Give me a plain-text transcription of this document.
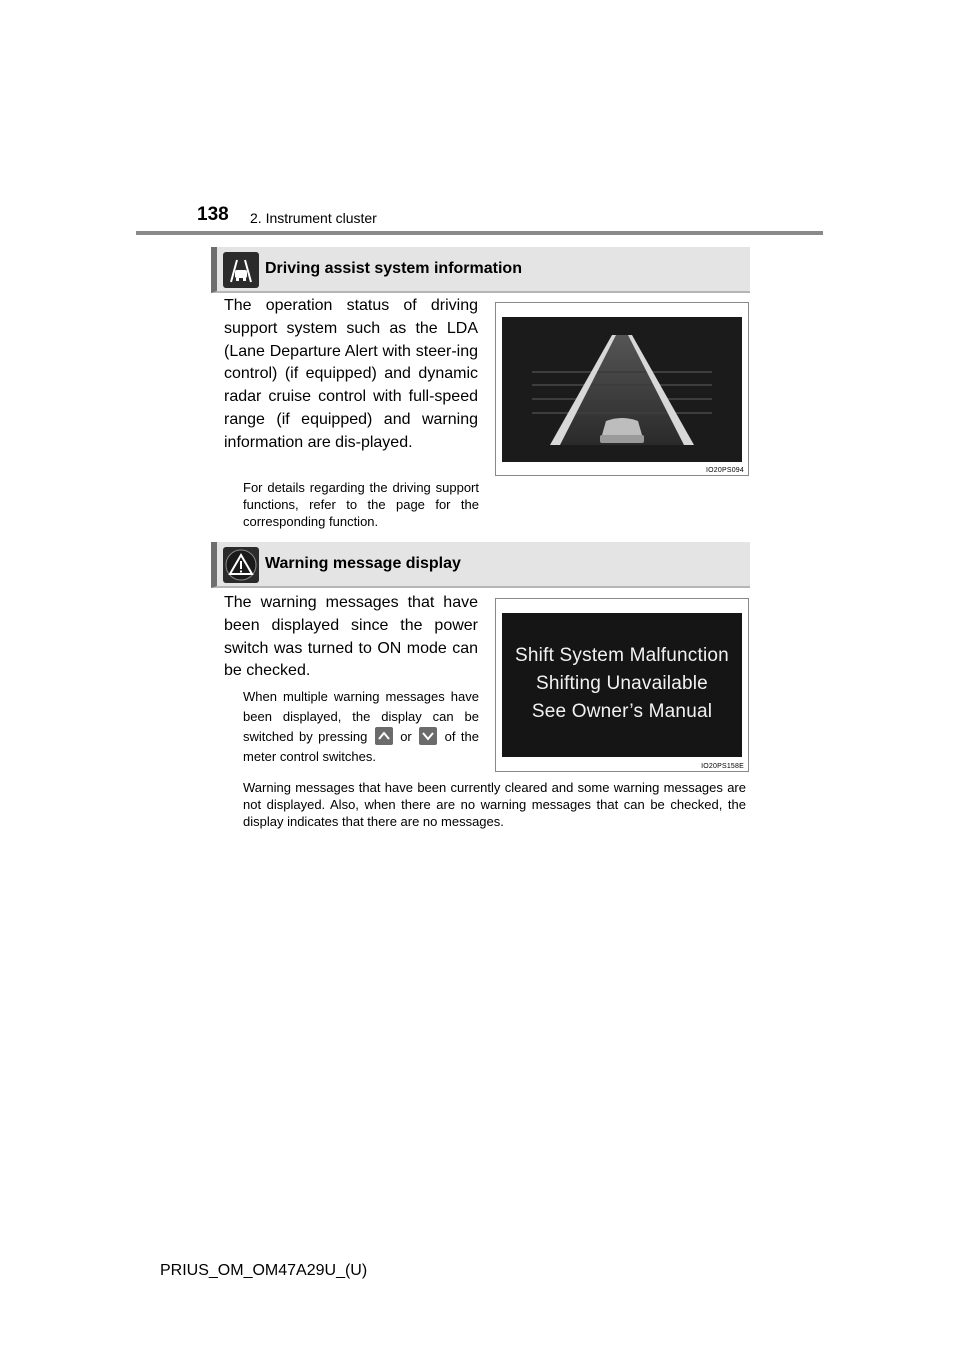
138 2. Instrument cluster
Driving assist system information
The operation status of driving support system such as the LDA (Lane Departure Alert with steer-ing control) (if equipped) and dynamic radar cruise control with full-speed range (if equipped) and warning information are dis-played.
For details regarding the driving support functions, refer to the page for the corresponding function.
IO20PS094
Warning message display
The warning messages that have been displayed since the power switch was turned to ON mode can be checked.
When multiple warning messages have been displayed, the display can be switched by pressing	or	of the meter control switches.
Warning messages that have been currently cleared and some warning messages are not displayed. Also, when there are no warning messages that can be checked, the display indicates that there are no messages.
Shift System Malfunction
Shifting Unavailable
See Owner’s Manual
IO20PS158E
PRIUS_OM_OM47A29U_(U)
